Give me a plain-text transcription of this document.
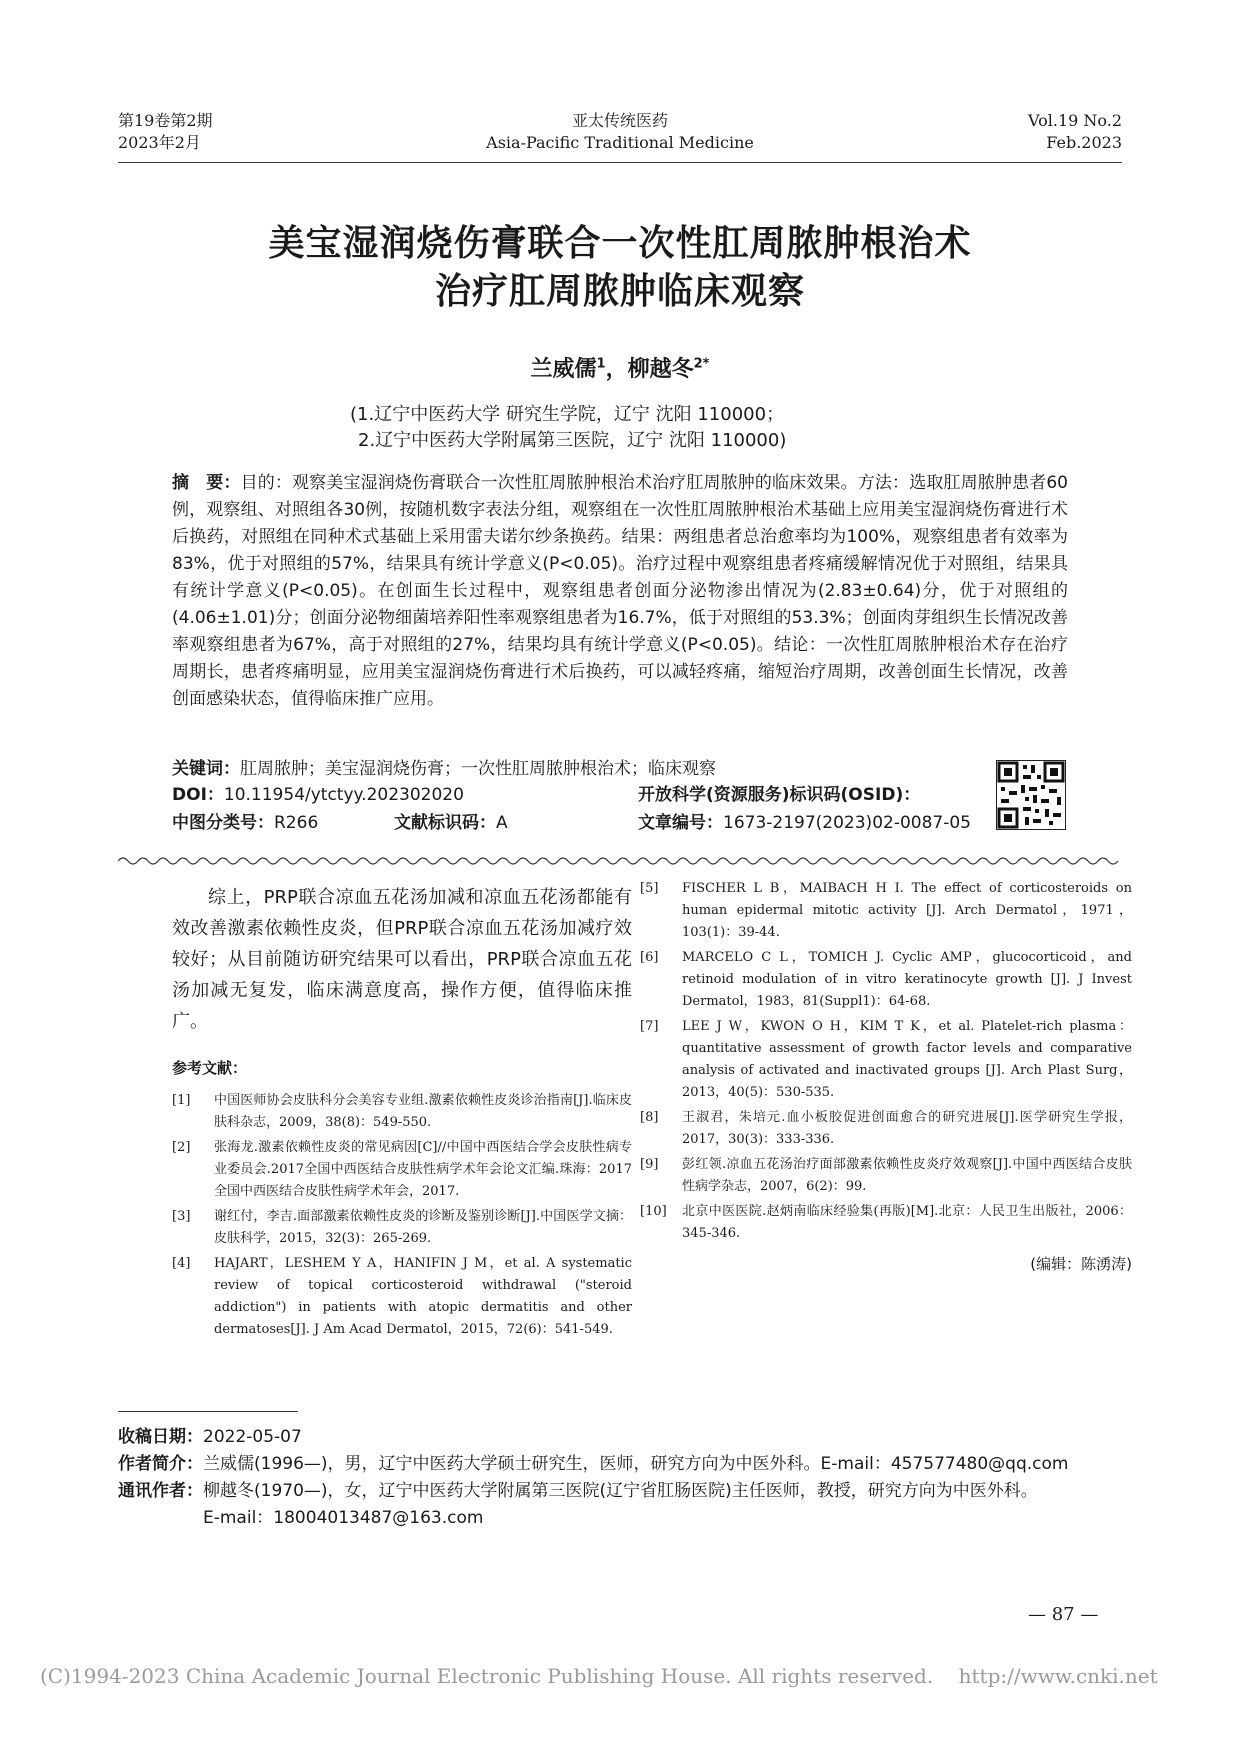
第19卷第2期
2023年2月
亚太传统医药
Asia-Pacific Traditional Medicine
Vol.19 No.2
Feb.2023
美宝湿润烧伤膏联合一次性肛周脓肿根治术
治疗肛周脓肿临床观察
兰威儒$^1$，柳越冬$^{2*}$
(1.辽宁中医药大学 研究生学院，辽宁 沈阳 110000；
2.辽宁中医药大学附属第三医院，辽宁 沈阳 110000)
摘　要：目的：观察美宝湿润烧伤膏联合一次性肛周脓肿根治术治疗肛周脓肿的临床效果。方法：选取肛周脓肿患者60例，观察组、对照组各30例，按随机数字表法分组，观察组在一次性肛周脓肿根治术基础上应用美宝湿润烧伤膏进行术后换药，对照组在同种术式基础上采用雷夫诺尔纱条换药。结果：两组患者总治愈率均为100%，观察组患者有效率为83%，优于对照组的57%，结果具有统计学意义(P<0.05)。治疗过程中观察组患者疼痛缓解情况优于对照组，结果具有统计学意义(P<0.05)。在创面生长过程中，观察组患者创面分泌物渗出情况为(2.83±0.64)分，优于对照组的(4.06±1.01)分；创面分泌物细菌培养阳性率观察组患者为16.7%，低于对照组的53.3%；创面肉芽组织生长情况改善率观察组患者为67%，高于对照组的27%，结果均具有统计学意义(P<0.05)。结论：一次性肛周脓肿根治术存在治疗周期长，患者疼痛明显，应用美宝湿润烧伤膏进行术后换药，可以减轻疼痛，缩短治疗周期，改善创面生长情况，改善创面感染状态，值得临床推广应用。
关键词：肛周脓肿；美宝湿润烧伤膏；一次性肛周脓肿根治术；临床观察
DOI：10.11954/ytctyy.202302020	开放科学(资源服务)标识码(OSID)：
中图分类号：R266	文献标识码：A	文章编号：1673-2197(2023)02-0087-05

综上，PRP联合凉血五花汤加减和凉血五花汤都能有效改善激素依赖性皮炎，但PRP联合凉血五花汤加减疗效较好；从目前随访研究结果可以看出，PRP联合凉血五花汤加减无复发，临床满意度高，操作方便，值得临床推广。

参考文献：
[1]	中国医师协会皮肤科分会美容专业组.激素依赖性皮炎诊治指南[J].临床皮肤科杂志，2009，38(8)：549-550.
[2]	张海龙.激素依赖性皮炎的常见病因[C]//中国中西医结合学会皮肤性病专业委员会.2017全国中西医结合皮肤性病学术年会论文汇编.珠海：2017全国中西医结合皮肤性病学术年会，2017.
[3]	谢红付，李吉.面部激素依赖性皮炎的诊断及鉴别诊断[J].中国医学文摘：皮肤科学，2015，32(3)：265-269.
[4]	HAJART，LESHEM Y A，HANIFIN J M，et al. A systematic review of topical corticosteroid withdrawal ("steroid addiction") in patients with atopic dermatitis and other dermatoses[J]. J Am Acad Dermatol，2015，72(6)：541-549.
[5]	FISCHER L B，MAIBACH H I. The effect of corticosteroids on human epidermal mitotic activity [J]. Arch Dermatol，1971，103(1)：39-44.
[6]	MARCELO C L，TOMICH J. Cyclic AMP，glucocorticoid，and retinoid modulation of in vitro keratinocyte growth [J]. J Invest Dermatol，1983，81(Suppl1)：64-68.
[7]	LEE J W，KWON O H，KIM T K，et al. Platelet-rich plasma：quantitative assessment of growth factor levels and comparative analysis of activated and inactivated groups [J]. Arch Plast Surg，2013，40(5)：530-535.
[8]	王淑君，朱培元.血小板胶促进创面愈合的研究进展[J].医学研究生学报，2017，30(3)：333-336.
[9]	彭红领.凉血五花汤治疗面部激素依赖性皮炎疗效观察[J].中国中西医结合皮肤性病学杂志，2007，6(2)：99.
[10]	北京中医医院.赵炳南临床经验集(再版)[M].北京：人民卫生出版社，2006：345-346.
(编辑：陈湧涛)
收稿日期：2022-05-07
作者简介：兰威儒(1996—)，男，辽宁中医药大学硕士研究生，医师，研究方向为中医外科。E-mail：457577480@qq.com
通讯作者：柳越冬(1970—)，女，辽宁中医药大学附属第三医院(辽宁省肛肠医院)主任医师，教授，研究方向为中医外科。
E-mail：18004013487@163.com
— 87 —
(C)1994-2023 China Academic Journal Electronic Publishing House. All rights reserved.    http://www.cnki.net
